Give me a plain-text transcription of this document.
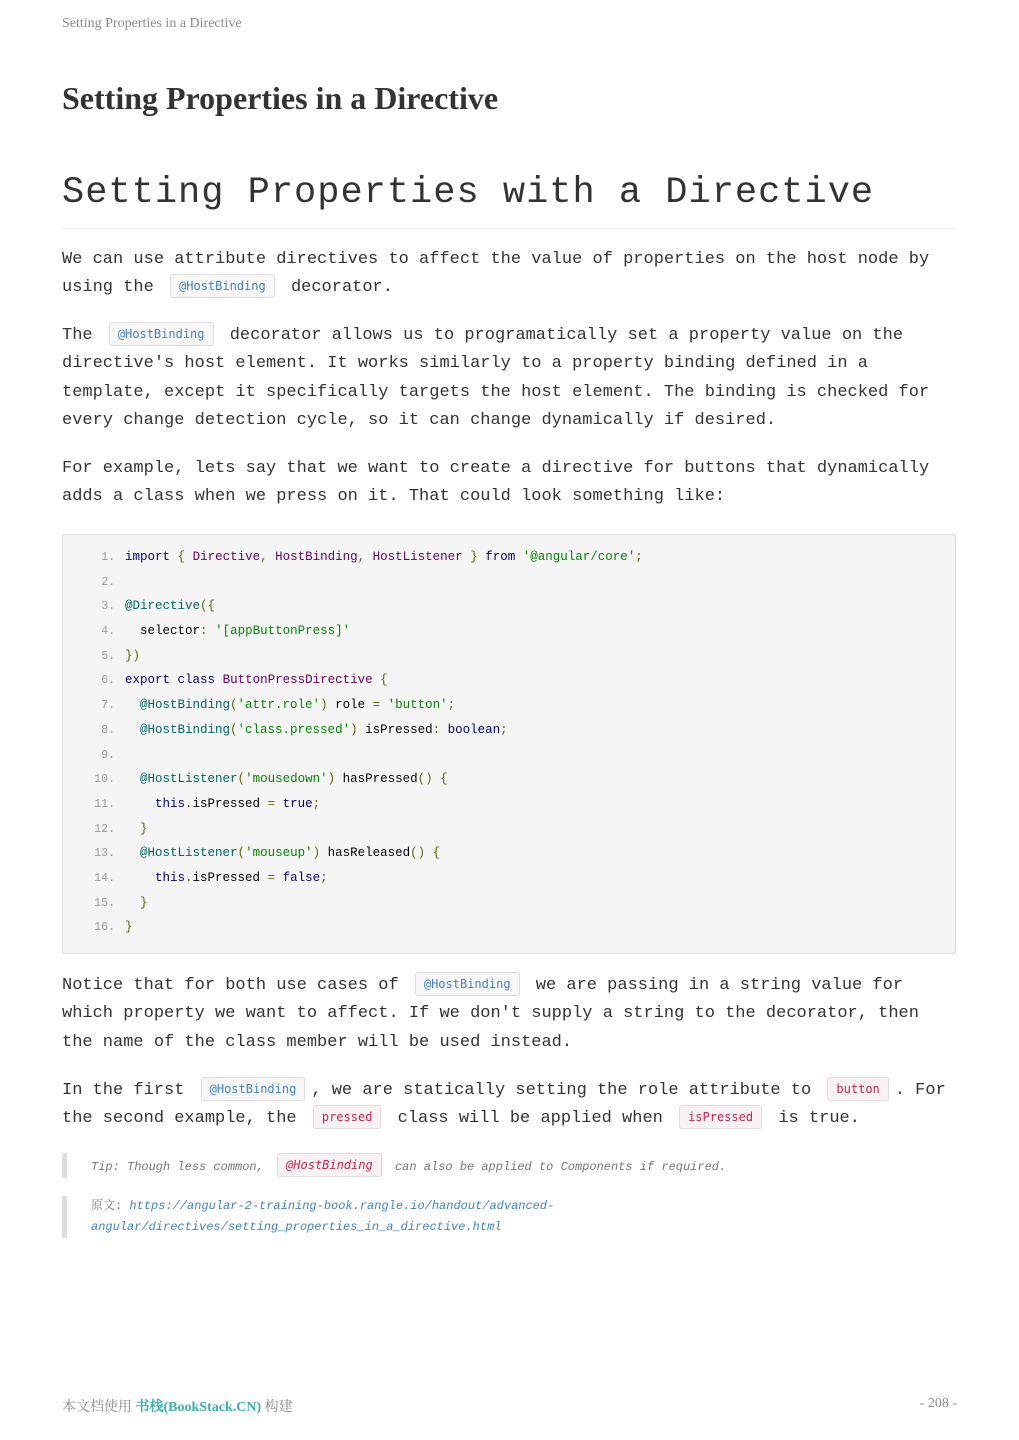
Setting Properties in a Directive
Setting Properties in a Directive
Setting Properties with a Directive

We can use attribute directives to affect the value of properties on the host node by using the @HostBinding decorator.

The @HostBinding decorator allows us to programatically set a property value on the directive's host element. It works similarly to a property binding defined in a template, except it specifically targets the host element. The binding is checked for every change detection cycle, so it can change dynamically if desired.

For example, lets say that we want to create a directive for buttons that dynamically adds a class when we press on it. That could look something like:

1. import { Directive, HostBinding, HostListener } from '@angular/core';
2.
3. @Directive({
4. selector: '[appButtonPress]'
5. })
6. export class ButtonPressDirective {
7. @HostBinding('attr.role') role = 'button';
8. @HostBinding('class.pressed') isPressed: boolean;
9.
10. @HostListener('mousedown') hasPressed() {
11.	this.isPressed = true;
12. }
13. @HostListener('mouseup') hasReleased() {
14.	this.isPressed = false;
15. }
16. }

Notice that for both use cases of @HostBinding we are passing in a string value for which property we want to affect. If we don't supply a string to the decorator, then the name of the class member will be used instead.

In the first @HostBinding , we are statically setting the role attribute to button . For the second example, the pressed class will be applied when isPressed is true.

Tip: Though less common, @HostBinding can also be applied to Components if required.
原文: https://angular-2-training-book.rangle.io/handout/advanced-angular/directives/setting_properties_in_a_directive.html
本文档使用 书栈(BookStack.CN) 构建	- 208 -
